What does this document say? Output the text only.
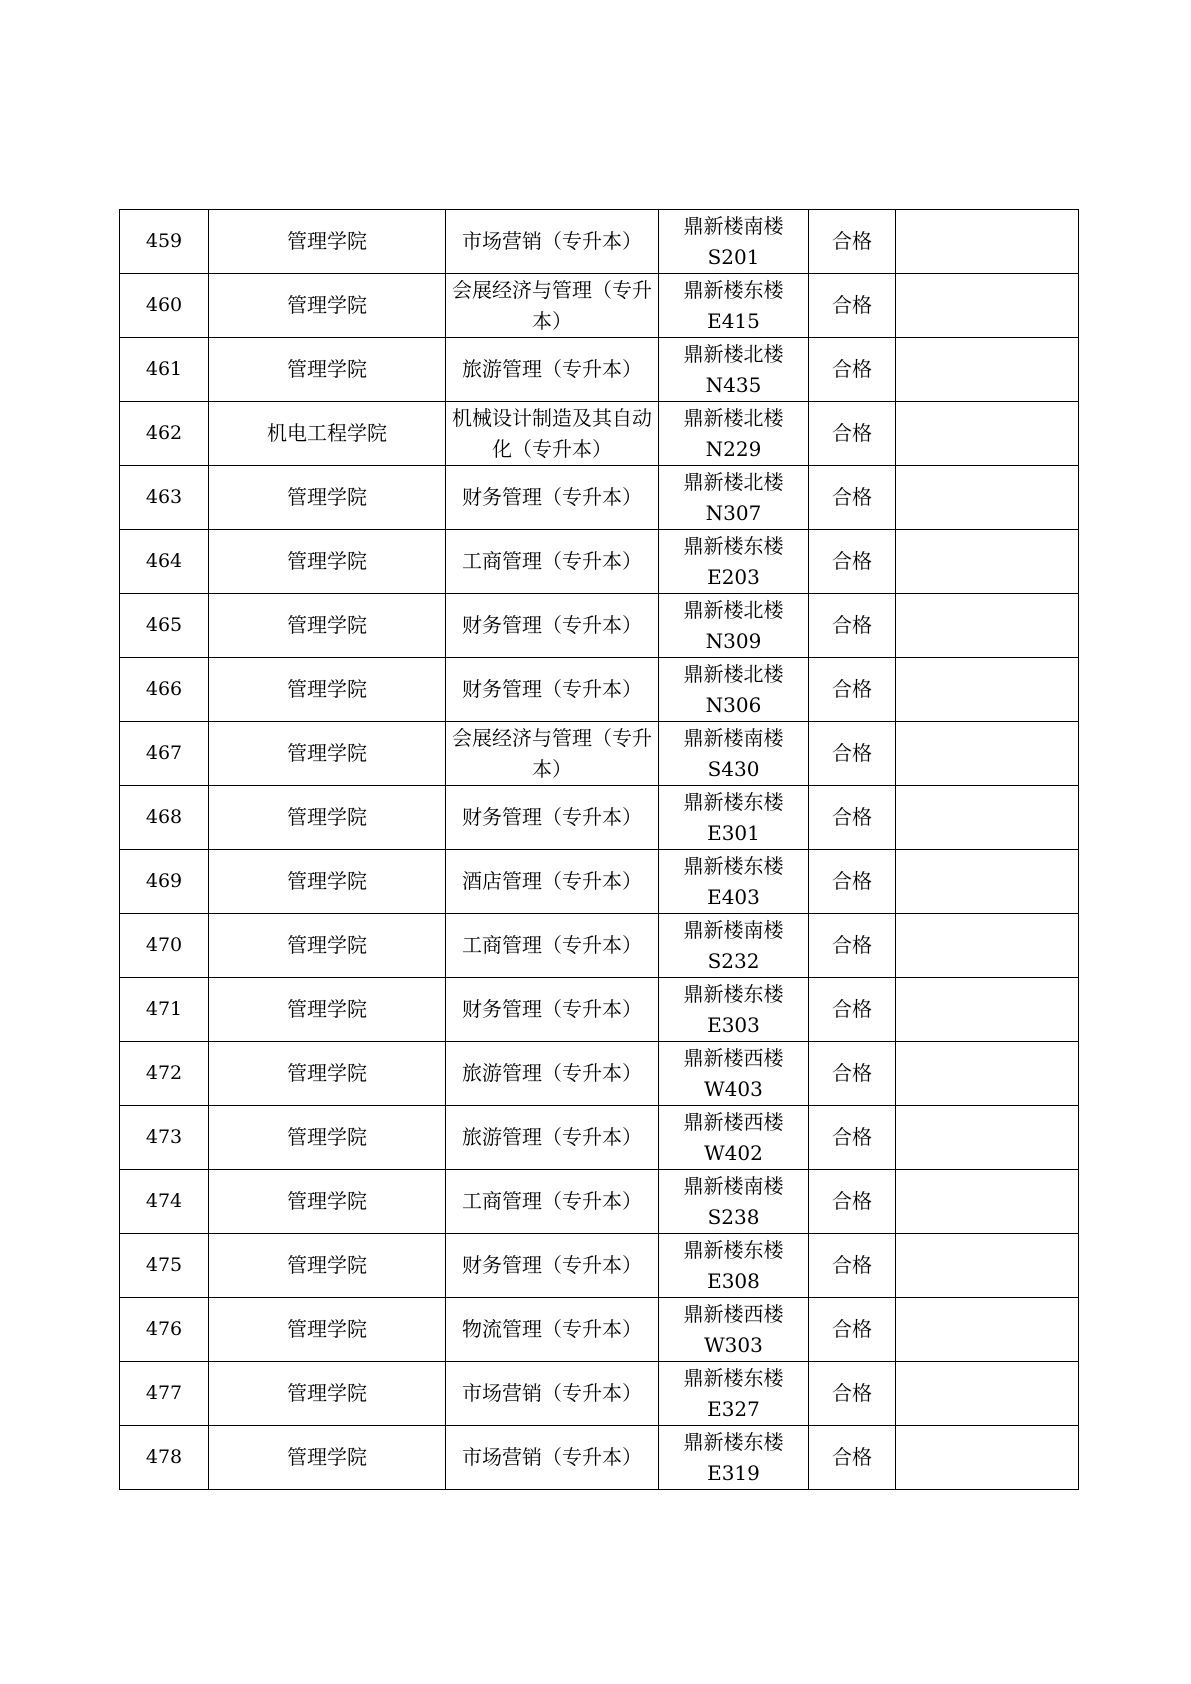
459	管理学院	市场营销（专升本）	鼎新楼南楼S201	合格	
460	管理学院	会展经济与管理（专升本）	鼎新楼东楼E415	合格	
461	管理学院	旅游管理（专升本）	鼎新楼北楼N435	合格	
462	机电工程学院	机械设计制造及其自动化（专升本）	鼎新楼北楼N229	合格	
463	管理学院	财务管理（专升本）	鼎新楼北楼N307	合格	
464	管理学院	工商管理（专升本）	鼎新楼东楼E203	合格	
465	管理学院	财务管理（专升本）	鼎新楼北楼N309	合格	
466	管理学院	财务管理（专升本）	鼎新楼北楼N306	合格	
467	管理学院	会展经济与管理（专升本）	鼎新楼南楼S430	合格	
468	管理学院	财务管理（专升本）	鼎新楼东楼E301	合格	
469	管理学院	酒店管理（专升本）	鼎新楼东楼E403	合格	
470	管理学院	工商管理（专升本）	鼎新楼南楼S232	合格	
471	管理学院	财务管理（专升本）	鼎新楼东楼E303	合格	
472	管理学院	旅游管理（专升本）	鼎新楼西楼W403	合格	
473	管理学院	旅游管理（专升本）	鼎新楼西楼W402	合格	
474	管理学院	工商管理（专升本）	鼎新楼南楼S238	合格	
475	管理学院	财务管理（专升本）	鼎新楼东楼E308	合格	
476	管理学院	物流管理（专升本）	鼎新楼西楼W303	合格	
477	管理学院	市场营销（专升本）	鼎新楼东楼E327	合格	
478	管理学院	市场营销（专升本）	鼎新楼东楼E319	合格	
